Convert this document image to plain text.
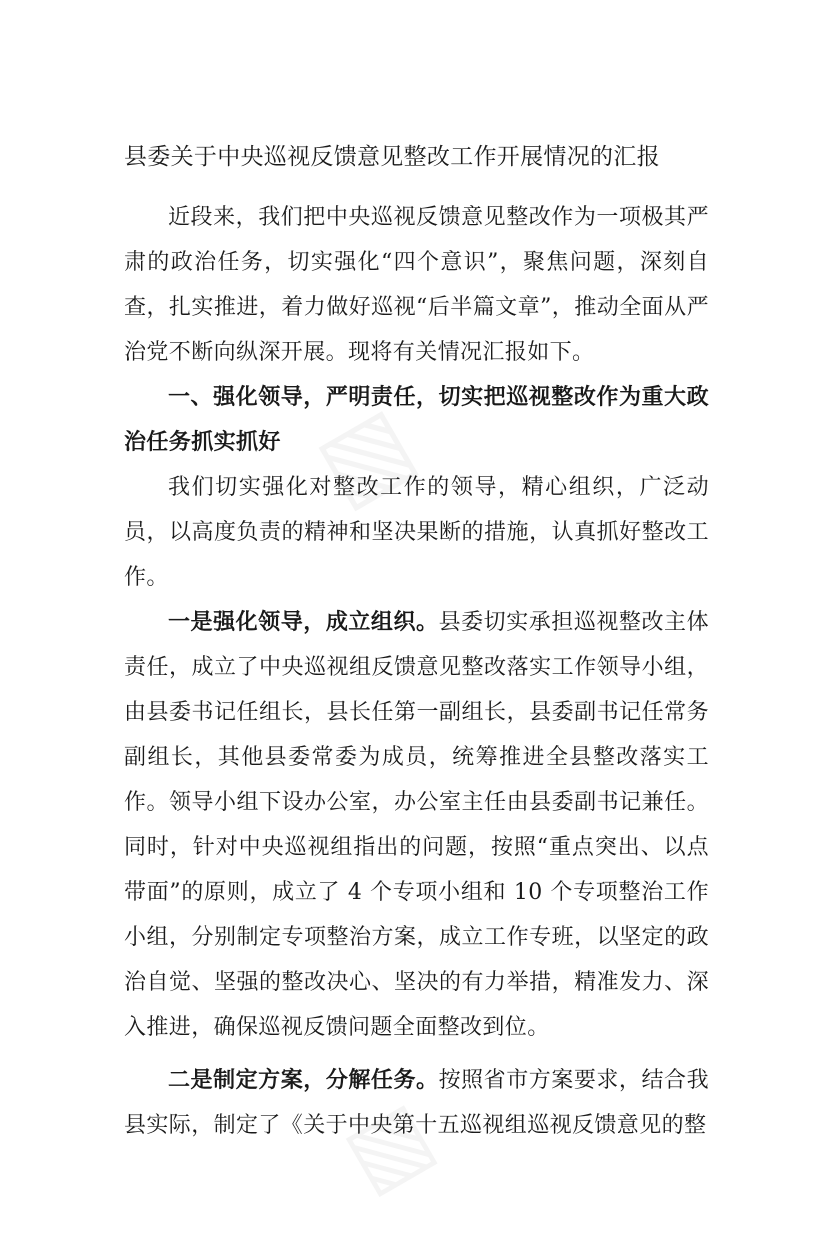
县委关于中央巡视反馈意见整改工作开展情况的汇报

近段来，我们把中央巡视反馈意见整改作为一项极其严肃的政治任务，切实强化“四个意识”，聚焦问题，深刻自查，扎实推进，着力做好巡视“后半篇文章”，推动全面从严治党不断向纵深开展。现将有关情况汇报如下。

一、强化领导，严明责任，切实把巡视整改作为重大政治任务抓实抓好

我们切实强化对整改工作的领导，精心组织，广泛动员，以高度负责的精神和坚决果断的措施，认真抓好整改工作。

一是强化领导，成立组织。县委切实承担巡视整改主体责任，成立了中央巡视组反馈意见整改落实工作领导小组，由县委书记任组长，县长任第一副组长，县委副书记任常务副组长，其他县委常委为成员，统筹推进全县整改落实工作。领导小组下设办公室，办公室主任由县委副书记兼任。同时，针对中央巡视组指出的问题，按照“重点突出、以点带面”的原则，成立了 4 个专项小组和 10 个专项整治工作小组，分别制定专项整治方案，成立工作专班，以坚定的政治自觉、坚强的整改决心、坚决的有力举措，精准发力、深入推进，确保巡视反馈问题全面整改到位。

二是制定方案，分解任务。按照省市方案要求，结合我县实际，制定了《关于中央第十五巡视组巡视反馈意见的整
